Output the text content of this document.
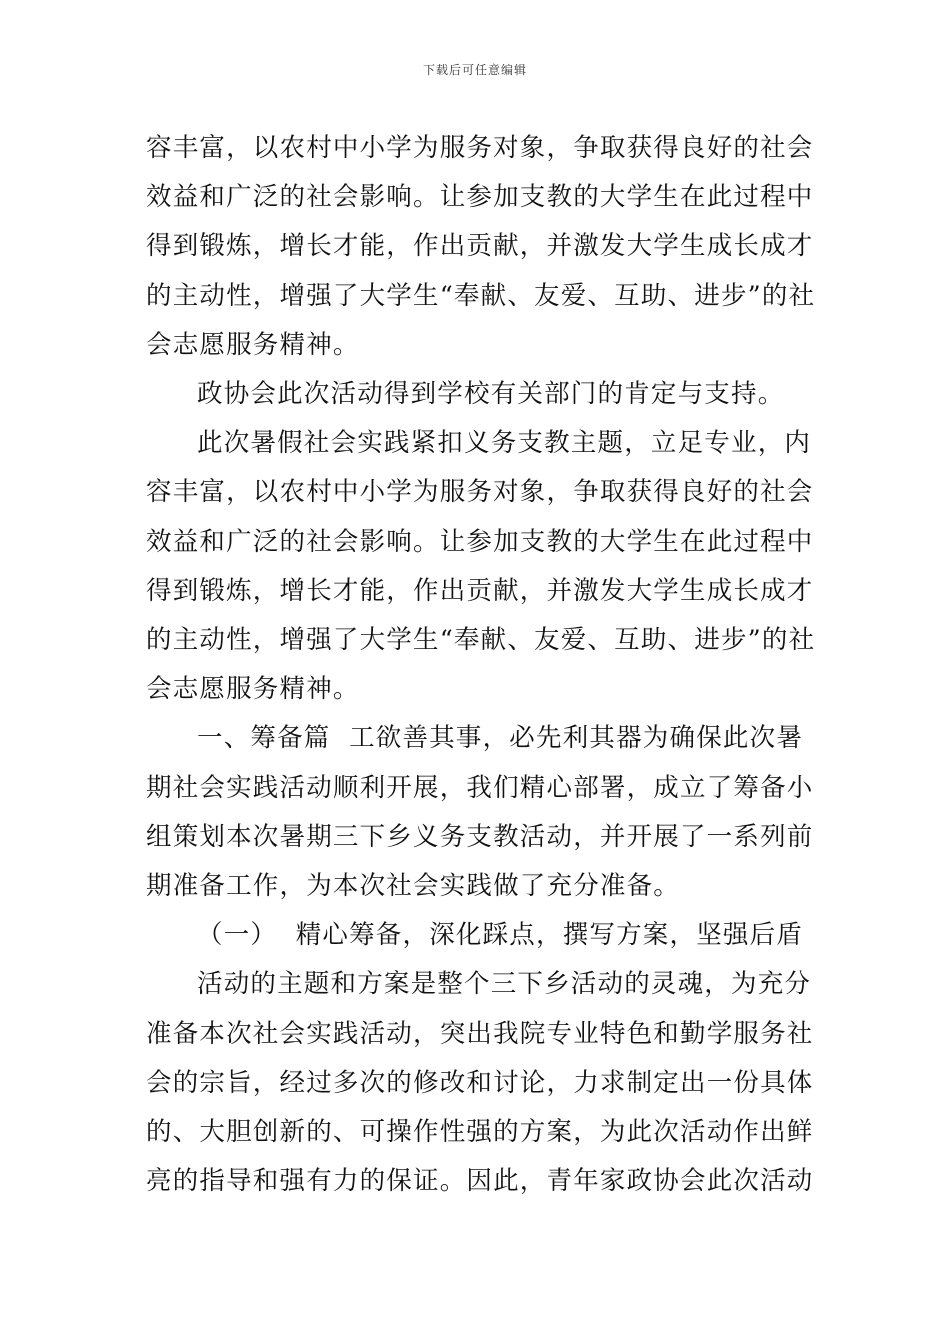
下载后可任意编辑

容丰富，以农村中小学为服务对象，争取获得良好的社会效益和广泛的社会影响。让参加支教的大学生在此过程中得到锻炼，增长才能，作出贡献，并激发大学生成长成才的主动性，增强了大学生“奉献、友爱、互助、进步”的社会志愿服务精神。

政协会此次活动得到学校有关部门的肯定与支持。

此次暑假社会实践紧扣义务支教主题，立足专业，内容丰富，以农村中小学为服务对象，争取获得良好的社会效益和广泛的社会影响。让参加支教的大学生在此过程中得到锻炼，增长才能，作出贡献，并激发大学生成长成才的主动性，增强了大学生“奉献、友爱、互助、进步”的社会志愿服务精神。

一、筹备篇  工欲善其事，必先利其器为确保此次暑期社会实践活动顺利开展，我们精心部署，成立了筹备小组策划本次暑期三下乡义务支教活动，并开展了一系列前期准备工作，为本次社会实践做了充分准备。

（一）  精心筹备，深化踩点，撰写方案，坚强后盾

活动的主题和方案是整个三下乡活动的灵魂，为充分准备本次社会实践活动，突出我院专业特色和勤学服务社会的宗旨，经过多次的修改和讨论，力求制定出一份具体的、大胆创新的、可操作性强的方案，为此次活动作出鲜亮的指导和强有力的保证。因此，青年家政协会此次活动
